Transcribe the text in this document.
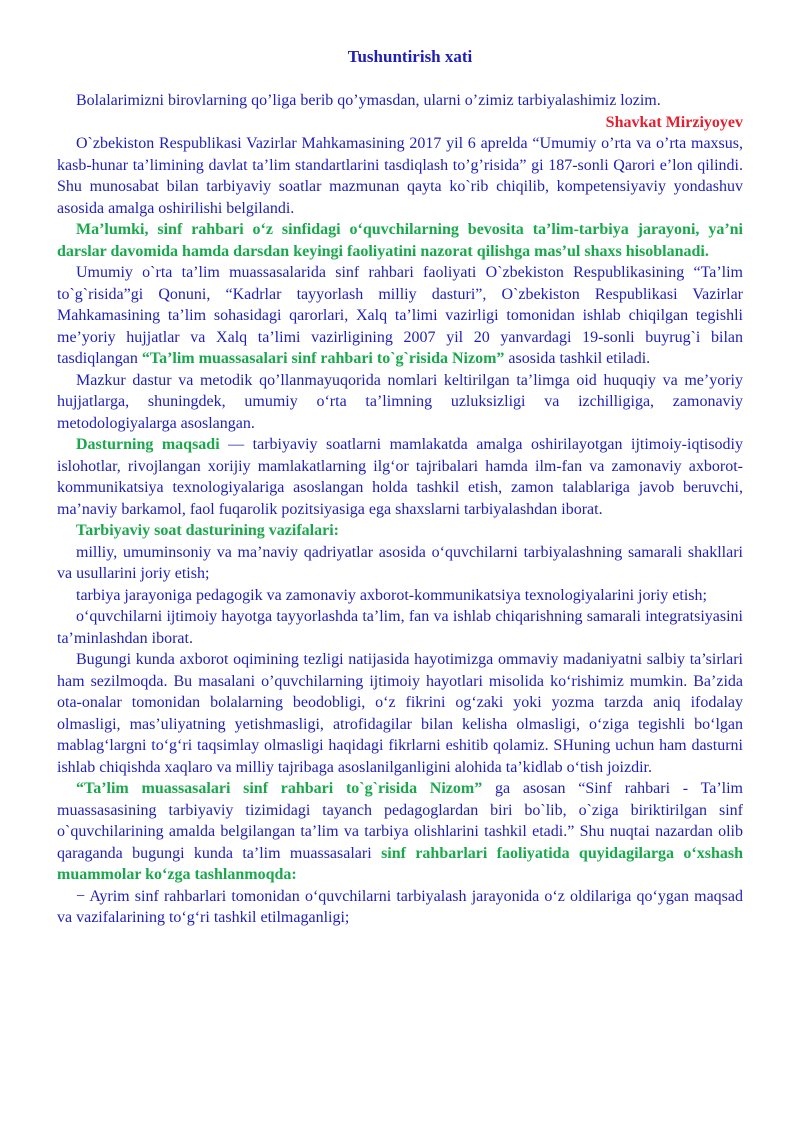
Tushuntirish xati

Bolalarimizni birovlarning qo’liga berib qo’ymasdan, ularni o’zimiz tarbiyalashimiz lozim.

Shavkat Mirziyoyev

O`zbekiston Respublikasi Vazirlar Mahkamasining 2017 yil 6 aprelda “Umumiy o’rta va o’rta maxsus, kasb-hunar ta’limining davlat ta’lim standartlarini tasdiqlash to’g’risida” gi 187-sonli Qarori e’lon qilindi. Shu munosabat bilan tarbiyaviy soatlar mazmunan qayta ko`rib chiqilib, kompetensiyaviy yondashuv asosida amalga oshirilishi belgilandi.

Ma’lumki, sinf rahbari o‘z sinfidagi o‘quvchilarning bevosita ta’lim-tarbiya jarayoni, ya’ni darslar davomida hamda darsdan keyingi faoliyatini nazorat qilishga mas’ul shaxs hisoblanadi.

Umumiy o`rta ta’lim muassasalarida sinf rahbari faoliyati O`zbekiston Respublikasining “Ta’lim to`g`risida”gi Qonuni, “Kadrlar tayyorlash milliy dasturi”, O`zbekiston Respublikasi Vazirlar Mahkamasining ta’lim sohasidagi qarorlari, Xalq ta’limi vazirligi tomonidan ishlab chiqilgan tegishli me’yoriy hujjatlar va Xalq ta’limi vazirligining 2007 yil 20 yanvardagi 19-sonli buyrug`i bilan tasdiqlangan “Ta’lim muassasalari sinf rahbari to`g`risida Nizom” asosida tashkil etiladi.

Mazkur dastur va metodik qo’llanmayuqorida nomlari keltirilgan ta’limga oid huquqiy va me’yoriy hujjatlarga, shuningdek, umumiy o‘rta ta’limning uzluksizligi va izchilligiga, zamonaviy metodologiyalarga asoslangan.

Dasturning maqsadi — tarbiyaviy soatlarni mamlakatda amalga oshirilayotgan ijtimoiy-iqtisodiy islohotlar, rivojlangan xorijiy mamlakatlarning ilg‘or tajribalari hamda ilm-fan va zamonaviy axborot-kommunikatsiya texnologiyalariga asoslangan holda tashkil etish, zamon talablariga javob beruvchi, ma’naviy barkamol, faol fuqarolik pozitsiyasiga ega shaxslarni tarbiyalashdan iborat.

Tarbiyaviy soat dasturining vazifalari:

milliy, umuminsoniy va ma’naviy qadriyatlar asosida o‘quvchilarni tarbiyalashning samarali shakllari va usullarini joriy etish;

tarbiya jarayoniga pedagogik va zamonaviy axborot-kommunikatsiya texnologiyalarini joriy etish;

o‘quvchilarni ijtimoiy hayotga tayyorlashda ta’lim, fan va ishlab chiqarishning samarali integratsiyasini ta’minlashdan iborat.

Bugungi kunda axborot oqimining tezligi natijasida hayotimizga ommaviy madaniyatni salbiy ta’sirlari ham sezilmoqda. Bu masalani o’quvchilarning ijtimoiy hayotlari misolida ko‘rishimiz mumkin. Ba’zida ota-onalar tomonidan bolalarning beodobligi, o‘z fikrini og‘zaki yoki yozma tarzda aniq ifodalay olmasligi, mas’uliyatning yetishmasligi, atrofidagilar bilan kelisha olmasligi, o‘ziga tegishli bo‘lgan mablag‘largni to‘g‘ri taqsimlay olmasligi haqidagi fikrlarni eshitib qolamiz. SHuning uchun ham dasturni ishlab chiqishda xaqlaro va milliy tajribaga asoslanilganligini alohida ta’kidlab o‘tish joizdir.

“Ta’lim muassasalari sinf rahbari to`g`risida Nizom” ga asosan “Sinf rahbari - Ta’lim muassasasining tarbiyaviy tizimidagi tayanch pedagoglardan biri bo`lib, o`ziga biriktirilgan sinf o`quvchilarining amalda belgilangan ta’lim va tarbiya olishlarini tashkil etadi.” Shu nuqtai nazardan olib qaraganda bugungi kunda ta’lim muassasalari sinf rahbarlari faoliyatida quyidagilarga o‘xshash muammolar ko‘zga tashlanmoqda:

− Ayrim sinf rahbarlari tomonidan o‘quvchilarni tarbiyalash jarayonida o‘z oldilariga qo‘ygan maqsad va vazifalarining to‘g‘ri tashkil etilmaganligi;
